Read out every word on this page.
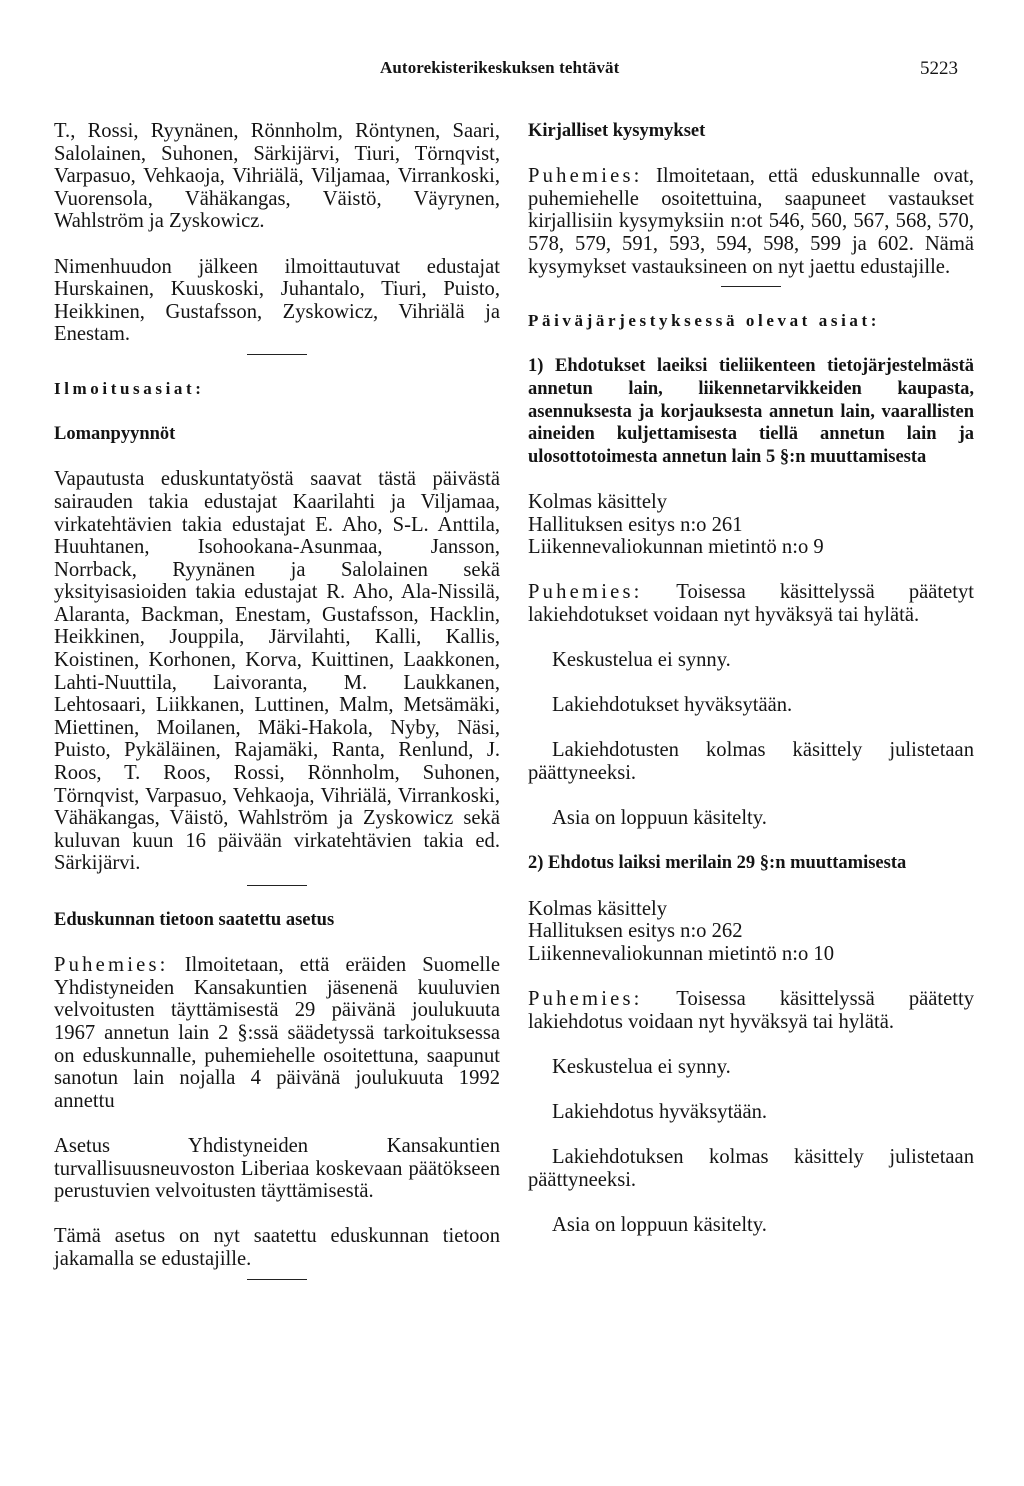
Autorekisterikeskuksen tehtävät	5223

T., Rossi, Ryynänen, Rönnholm, Röntynen, Saari, Salolainen, Suhonen, Särkijärvi, Tiuri, Törnqvist, Varpasuo, Vehkaoja, Vihriälä, Viljamaa, Virrankoski, Vuorensola, Vähäkangas, Väistö, Väyrynen, Wahlström ja Zyskowicz.

Nimenhuudon jälkeen ilmoittautuvat edustajat Hurskainen, Kuuskoski, Juhantalo, Tiuri, Puisto, Heikkinen, Gustafsson, Zyskowicz, Vihriälä ja Enestam.

Ilmoitusasiat:

Lomanpyynnöt

Vapautusta eduskuntatyöstä saavat tästä päivästä sairauden takia edustajat Kaarilahti ja Viljamaa, virkatehtävien takia edustajat E. Aho, S-L. Anttila, Huuhtanen, Isohookana-Asunmaa, Jansson, Norrback, Ryynänen ja Salolainen sekä yksityisasioiden takia edustajat R. Aho, Ala-Nissilä, Alaranta, Backman, Enestam, Gustafsson, Hacklin, Heikkinen, Jouppila, Järvilahti, Kalli, Kallis, Koistinen, Korhonen, Korva, Kuittinen, Laakkonen, Lahti-Nuuttila, Laivoranta, M. Laukkanen, Lehtosaari, Liikkanen, Luttinen, Malm, Metsämäki, Miettinen, Moilanen, Mäki-Hakola, Nyby, Näsi, Puisto, Pykäläinen, Rajamäki, Ranta, Renlund, J. Roos, T. Roos, Rossi, Rönnholm, Suhonen, Törnqvist, Varpasuo, Vehkaoja, Vihriälä, Virrankoski, Vähäkangas, Väistö, Wahlström ja Zyskowicz sekä kuluvan kuun 16 päivään virkatehtävien takia ed. Särkijärvi.

Eduskunnan tietoon saatettu asetus

Puhemies: Ilmoitetaan, että eräiden Suomelle Yhdistyneiden Kansakuntien jäsenenä kuuluvien velvoitusten täyttämisestä 29 päivänä joulukuuta 1967 annetun lain 2 §:ssä säädetyssä tarkoituksessa on eduskunnalle, puhemiehelle osoitettuna, saapunut sanotun lain nojalla 4 päivänä joulukuuta 1992 annettu

Asetus Yhdistyneiden Kansakuntien turvallisuusneuvoston Liberiaa koskevaan päätökseen perustuvien velvoitusten täyttämisestä.

Tämä asetus on nyt saatettu eduskunnan tietoon jakamalla se edustajille.

Kirjalliset kysymykset

Puhemies: Ilmoitetaan, että eduskunnalle ovat, puhemiehelle osoitettuina, saapuneet vastaukset kirjallisiin kysymyksiin n:ot 546, 560, 567, 568, 570, 578, 579, 591, 593, 594, 598, 599 ja 602. Nämä kysymykset vastauksineen on nyt jaettu edustajille.

Päiväjärjestyksessä olevat asiat:

1) Ehdotukset laeiksi tieliikenteen tietojärjestelmästä annetun lain, liikennetarvikkeiden kaupasta, asennuksesta ja korjauksesta annetun lain, vaarallisten aineiden kuljettamisesta tiellä annetun lain ja ulosottotoimesta annetun lain 5 §:n muuttamisesta

Kolmas käsittely

Hallituksen esitys n:o 261

Liikennevaliokunnan mietintö n:o 9

Puhemies: Toisessa käsittelyssä päätetyt lakiehdotukset voidaan nyt hyväksyä tai hylätä.

Keskustelua ei synny.

Lakiehdotukset hyväksytään.

Lakiehdotusten kolmas käsittely julistetaan päättyneeksi.

Asia on loppuun käsitelty.

2) Ehdotus laiksi merilain 29 §:n muuttamisesta

Kolmas käsittely

Hallituksen esitys n:o 262

Liikennevaliokunnan mietintö n:o 10

Puhemies: Toisessa käsittelyssä päätetty lakiehdotus voidaan nyt hyväksyä tai hylätä.

Keskustelua ei synny.

Lakiehdotus hyväksytään.

Lakiehdotuksen kolmas käsittely julistetaan päättyneeksi.

Asia on loppuun käsitelty.
